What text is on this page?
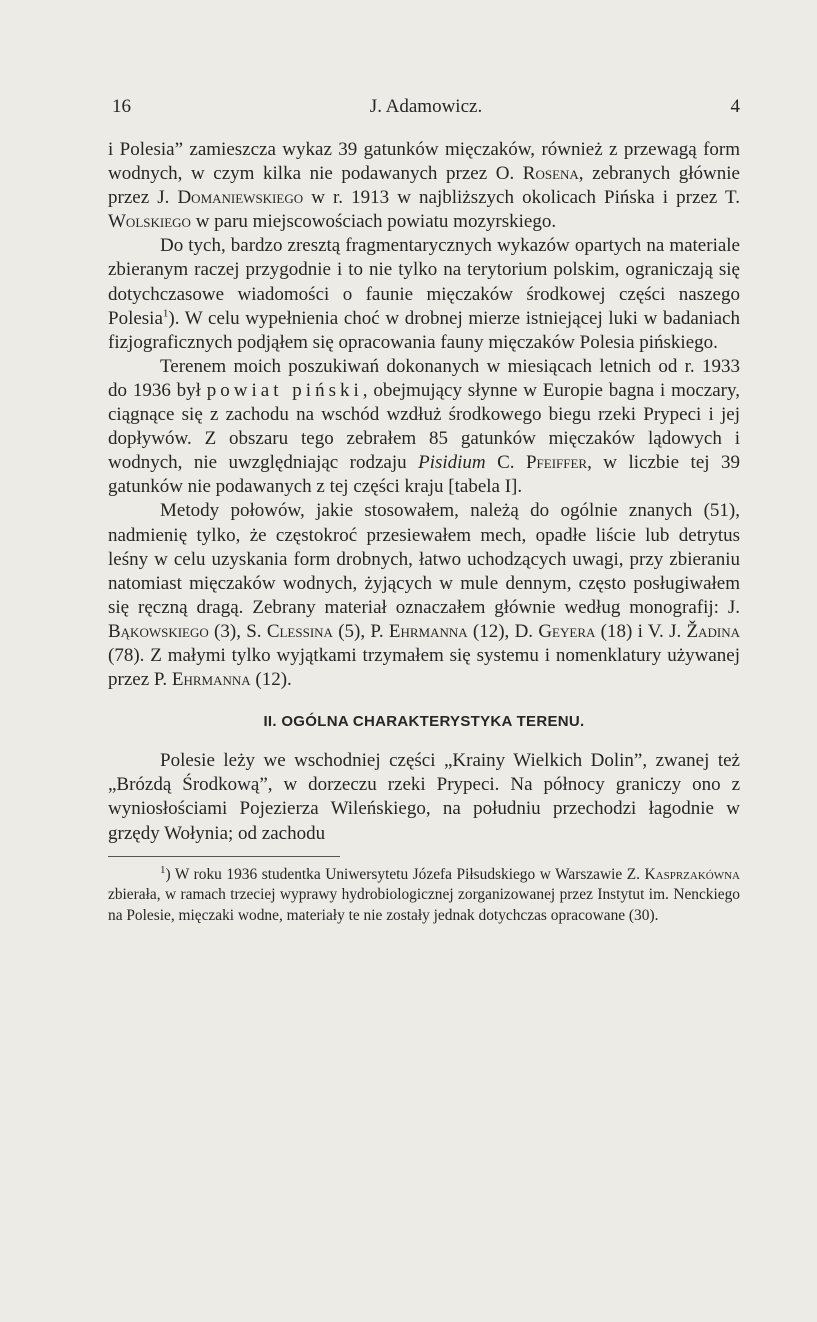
16	J. Adamowicz.	4

i Polesia” zamieszcza wykaz 39 gatunków mięczaków, również z przewagą form wodnych, w czym kilka nie podawanych przez O. Rosena, zebranych głównie przez J. Domaniewskiego w r. 1913 w najbliższych okolicach Pińska i przez T. Wolskiego w paru miejscowościach powiatu mozyrskiego.

Do tych, bardzo zresztą fragmentarycznych wykazów opartych na materiale zbieranym raczej przygodnie i to nie tylko na terytorium polskim, ograniczają się dotychczasowe wiadomości o faunie mięczaków środkowej części naszego Polesia$^1$). W celu wypełnienia choć w drobnej mierze istniejącej luki w badaniach fizjograficznych podjąłem się opracowania fauny mięczaków Polesia pińskiego.

Terenem moich poszukiwań dokonanych w miesiącach letnich od r. 1933 do 1936 był powiat piński, obejmujący słynne w Europie bagna i moczary, ciągnące się z zachodu na wschód wzdłuż środkowego biegu rzeki Prypeci i jej dopływów. Z obszaru tego zebrałem 85 gatunków mięczaków lądowych i wodnych, nie uwzględniając rodzaju Pisidium C. Pfeiffer, w liczbie tej 39 gatunków nie podawanych z tej części kraju [tabela I].

Metody połowów, jakie stosowałem, należą do ogólnie znanych (51), nadmienię tylko, że częstokroć przesiewałem mech, opadłe liście lub detrytus leśny w celu uzyskania form drobnych, łatwo uchodzących uwagi, przy zbieraniu natomiast mięczaków wodnych, żyjących w mule dennym, często posługiwałem się ręczną dragą. Zebrany materiał oznaczałem głównie według monografij: J. Bąkowskiego (3), S. Clessina (5), P. Ehrmanna (12), D. Geyera (18) i V. J. Žadina (78). Z małymi tylko wyjątkami trzymałem się systemu i nomenklatury używanej przez P. Ehrmanna (12).

II. OGÓLNA CHARAKTERYSTYKA TERENU.

Polesie leży we wschodniej części „Krainy Wielkich Dolin”, zwanej też „Brózdą Środkową”, w dorzeczu rzeki Prypeci. Na północy graniczy ono z wyniosłościami Pojezierza Wileńskiego, na południu przechodzi łagodnie w grzędy Wołynia; od zachodu

$^1$) W roku 1936 studentka Uniwersytetu Józefa Piłsudskiego w Warszawie Z. Kasprzakówna zbierała, w ramach trzeciej wyprawy hydrobiologicznej zorganizowanej przez Instytut im. Nenckiego na Polesie, mięczaki wodne, materiały te nie zostały jednak dotychczas opracowane (30).
